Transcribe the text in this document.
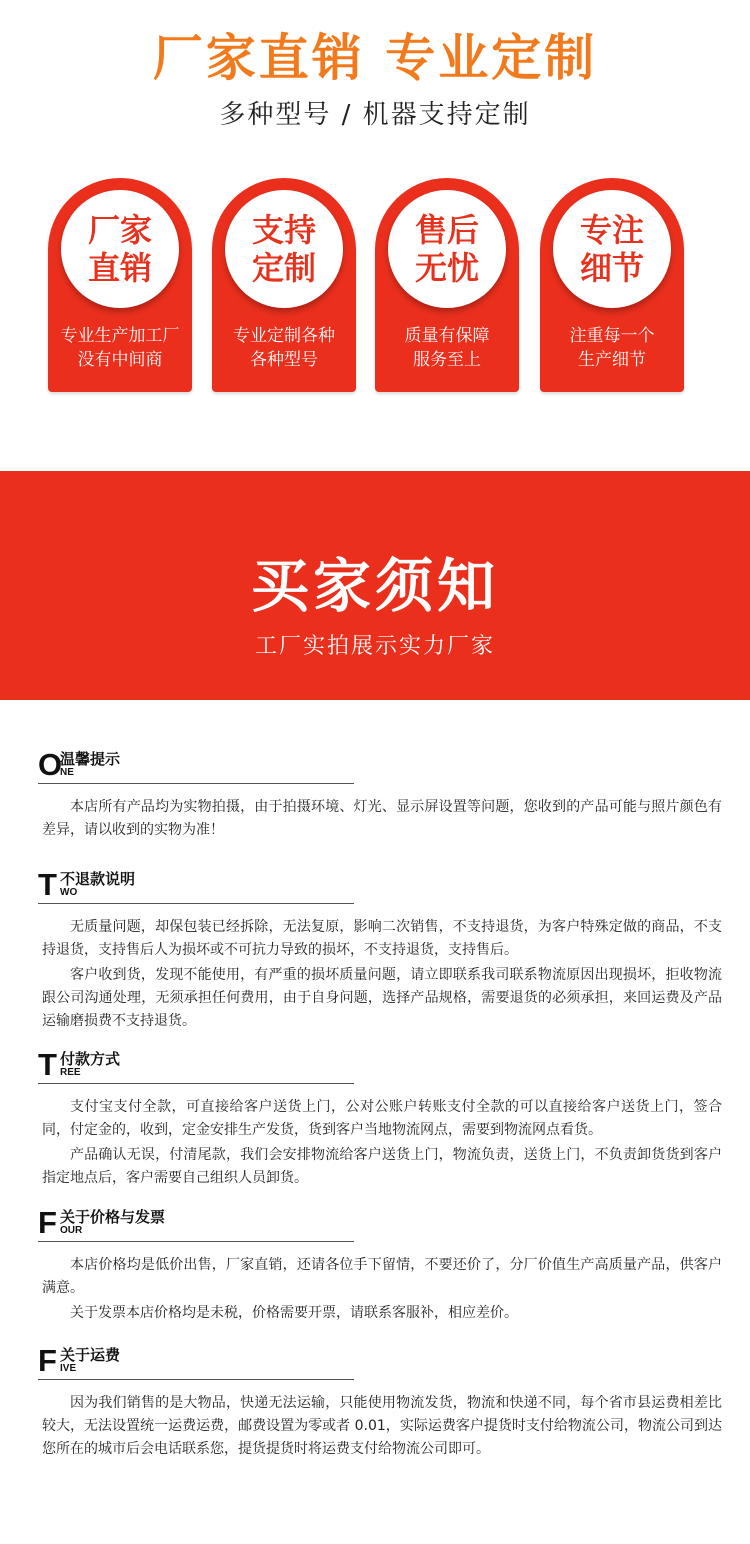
厂家直销 专业定制
多种型号 / 机器支持定制
厂家
直销
专业生产加工厂
没有中间商
支持
定制
专业定制各种
各种型号
售后
无忧
质量有保障
服务至上
专注
细节
注重每一个
生产细节
买家须知
工厂实拍展示实力厂家
O
温馨提示
NE

本店所有产品均为实物拍摄，由于拍摄环境、灯光、显示屏设置等问题，您收到的产品可能与照片颜色有差异，请以收到的实物为准！

T 不退款说明
WO

无质量问题，却保包装已经拆除，无法复原，影响二次销售，不支持退货，为客户特殊定做的商品，不支持退货，支持售后人为损坏或不可抗力导致的损坏，不支持退货，支持售后。

客户收到货，发现不能使用，有严重的损坏质量问题，请立即联系我司联系物流原因出现损坏，拒收物流跟公司沟通处理，无须承担任何费用，由于自身问题，选择产品规格，需要退货的必须承担，来回运费及产品运输磨损费不支持退货。

T 付款方式
REE

支付宝支付全款，可直接给客户送货上门，公对公账户转账支付全款的可以直接给客户送货上门，签合同，付定金的，收到，定金安排生产发货，货到客户当地物流网点，需要到物流网点看货。

产品确认无误，付清尾款，我们会安排物流给客户送货上门，物流负责，送货上门，不负责卸货货到客户指定地点后，客户需要自己组织人员卸货。

F 关于价格与发票
OUR

本店价格均是低价出售，厂家直销，还请各位手下留情，不要还价了，分厂价值生产高质量产品，供客户满意。

关于发票本店价格均是未税，价格需要开票，请联系客服补，相应差价。

F 关于运费
IVE

因为我们销售的是大物品，快递无法运输，只能使用物流发货，物流和快递不同，每个省市县运费相差比较大，无法设置统一运费运费，邮费设置为零或者 0.01，实际运费客户提货时支付给物流公司，物流公司到达您所在的城市后会电话联系您，提货提货时将运费支付给物流公司即可。
